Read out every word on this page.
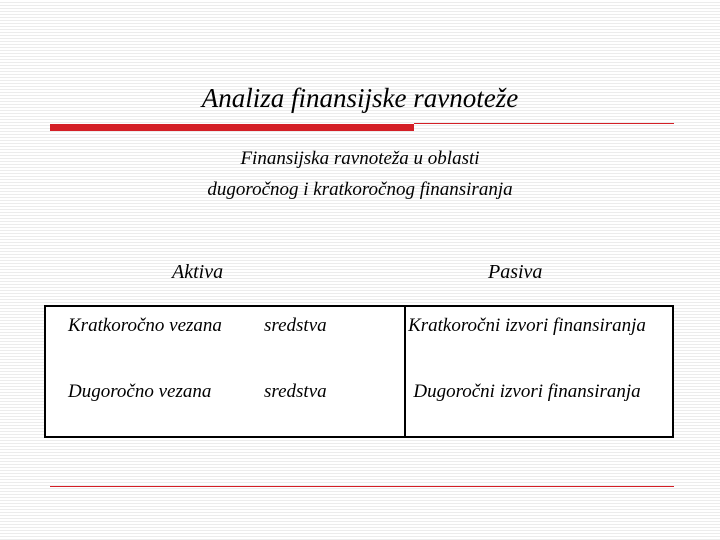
Analiza finansijske ravnoteže
Finansijska ravnoteža u oblasti
dugoročnog i kratkoročnog finansiranja
Aktiva	Pasiva
Kratkoročno vezana sredstva	Kratkoročni izvori finansiranja
Dugoročno vezana	sredstva	Dugoročni izvori finansiranja
